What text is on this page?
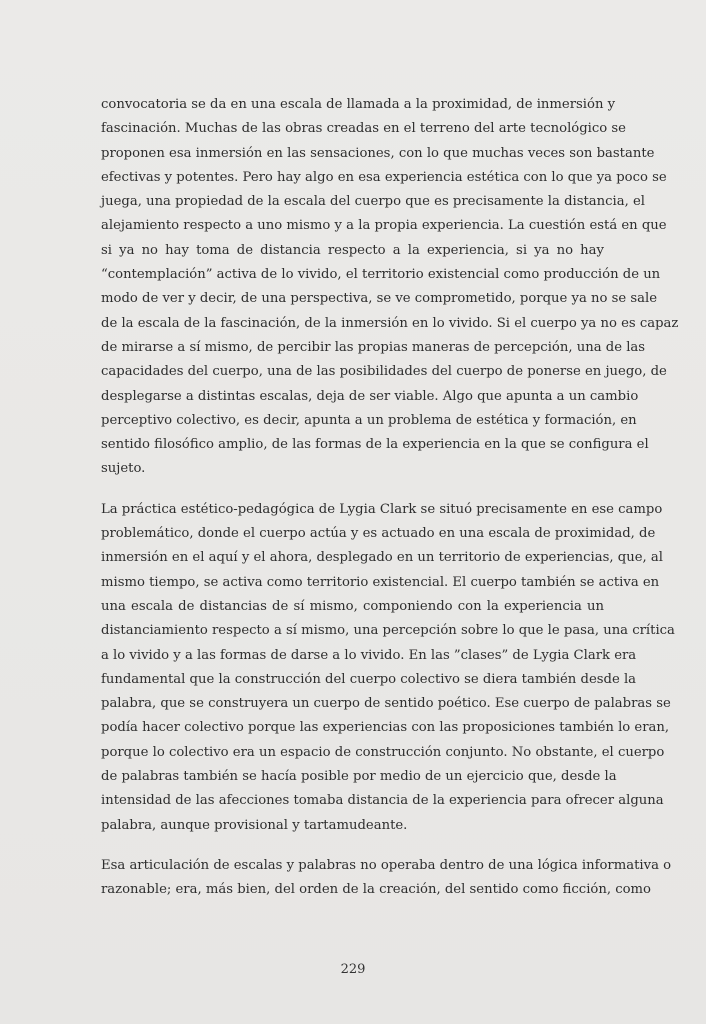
convocatoria se da en una escala de llamada a la proximidad, de inmersión y
fascinación. Muchas de las obras creadas en el terreno del arte tecnológico se
proponen esa inmersión en las sensaciones, con lo que muchas veces son bastante
efectivas y potentes. Pero hay algo en esa experiencia estética con lo que ya poco se
juega, una propiedad de la escala del cuerpo que es precisamente la distancia, el
alejamiento respecto a uno mismo y a la propia experiencia. La cuestión está en que
si ya no hay toma de distancia respecto a la experiencia, si ya no hay
“contemplación” activa de lo vivido, el territorio existencial como producción de un
modo de ver y decir, de una perspectiva, se ve comprometido, porque ya no se sale
de la escala de la fascinación, de la inmersión en lo vivido. Si el cuerpo ya no es capaz
de mirarse a sí mismo, de percibir las propias maneras de percepción, una de las
capacidades del cuerpo, una de las posibilidades del cuerpo de ponerse en juego, de
desplegarse a distintas escalas, deja de ser viable. Algo que apunta a un cambio
perceptivo colectivo, es decir, apunta a un problema de estética y formación, en
sentido filosófico amplio, de las formas de la experiencia en la que se configura el
sujeto.
La práctica estético-pedagógica de Lygia Clark se situó precisamente en ese campo
problemático, donde el cuerpo actúa y es actuado en una escala de proximidad, de
inmersión en el aquí y el ahora, desplegado en un territorio de experiencias, que, al
mismo tiempo, se activa como territorio existencial. El cuerpo también se activa en
una escala de distancias de sí mismo, componiendo con la experiencia un
distanciamiento respecto a sí mismo, una percepción sobre lo que le pasa, una crítica
a lo vivido y a las formas de darse a lo vivido. En las ”clases” de Lygia Clark era
fundamental que la construcción del cuerpo colectivo se diera también desde la
palabra, que se construyera un cuerpo de sentido poético. Ese cuerpo de palabras se
podía hacer colectivo porque las experiencias con las proposiciones también lo eran,
porque lo colectivo era un espacio de construcción conjunto. No obstante, el cuerpo
de palabras también se hacía posible por medio de un ejercicio que, desde la
intensidad de las afecciones tomaba distancia de la experiencia para ofrecer alguna
palabra, aunque provisional y tartamudeante.
Esa articulación de escalas y palabras no operaba dentro de una lógica informativa o
razonable; era, más bien, del orden de la creación, del sentido como ficción, como
229
